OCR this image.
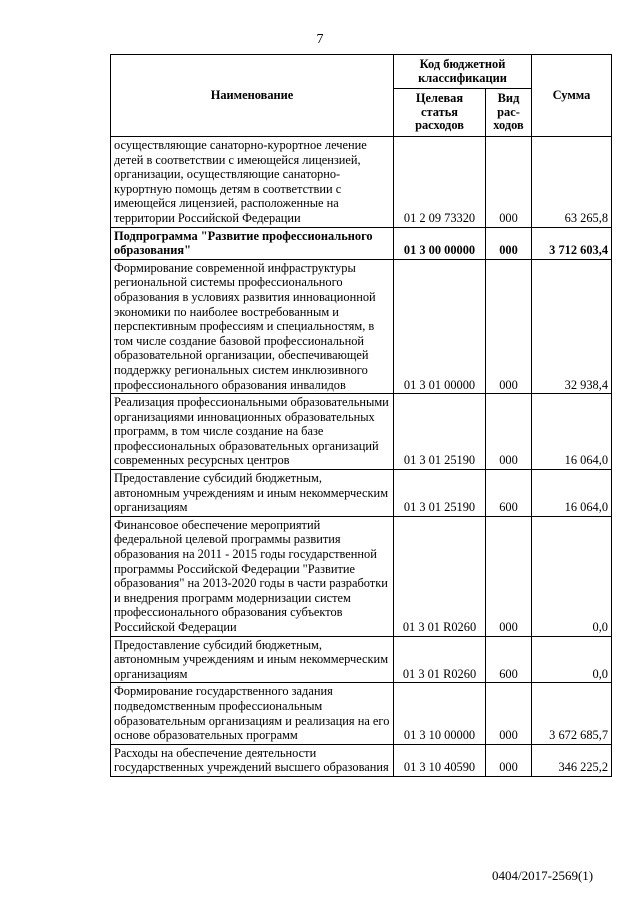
7
Наименование	Код бюджетной классификации		Сумма
	Целевая статья расходов	Вид рас-ходов	
осуществляющие санаторно-курортное лечение детей в соответствии с имеющейся лицензией, организации, осуществляющие санаторно-курортную помощь детям в соответствии с имеющейся лицензией, расположенные на территории Российской Федерации	01 2 09 73320	000	63 265,8
Подпрограмма "Развитие профессионального образования"	01 3 00 00000	000	3 712 603,4
Формирование современной инфраструктуры региональной системы профессионального образования в условиях развития инновационной экономики по наиболее востребованным и перспективным профессиям и специальностям, в том числе создание базовой профессиональной образовательной организации, обеспечивающей поддержку региональных систем инклюзивного профессионального образования инвалидов	01 3 01 00000	000	32 938,4
Реализация профессиональными образовательными организациями инновационных образовательных программ, в том числе создание на базе профессиональных образовательных организаций современных ресурсных центров	01 3 01 25190	000	16 064,0
Предоставление субсидий бюджетным, автономным учреждениям и иным некоммерческим организациям	01 3 01 25190	600	16 064,0
Финансовое обеспечение мероприятий федеральной целевой программы развития образования на 2011 - 2015 годы государственной программы Российской Федерации "Развитие образования" на 2013-2020 годы в части разработки и внедрения программ модернизации систем профессионального образования субъектов Российской Федерации	01 3 01 R0260	000	0,0
Предоставление субсидий бюджетным, автономным учреждениям и иным некоммерческим организациям	01 3 01 R0260	600	0,0
Формирование государственного задания подведомственным профессиональным образовательным организациям и реализация на его основе образовательных программ	01 3 10 00000	000	3 672 685,7
Расходы на обеспечение деятельности государственных учреждений высшего образования	01 3 10 40590	000	346 225,2
0404/2017-2569(1)
